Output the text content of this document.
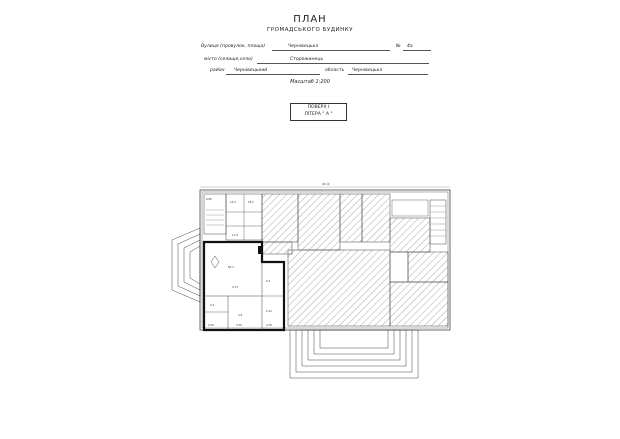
ПЛАН
ГРОМАДСЬКОГО БУДИНКУ
Вулиця (провулок, площа)	Чернівецька	№ 4а
місто (селище,село)	Сторожинець
район Чернівецький	область Чернівецька
Масштаб 1:200
ПОВЕРХ I
ЛІТЕРА " А "
45.10
65.3
9.3
4.4
3.8
2.12
4.73
2.50	3.50	4.78
14.4	18.2
6.80
11.9
